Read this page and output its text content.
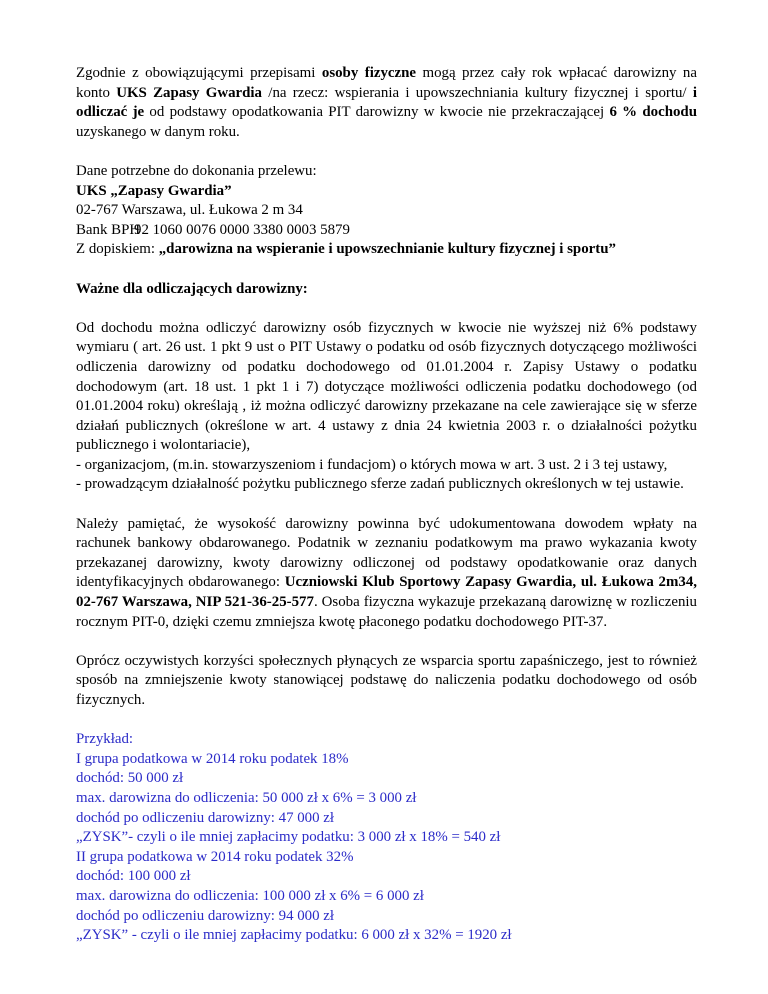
Zgodnie z obowiązującymi przepisami osoby fizyczne mogą przez cały rok wpłacać darowizny na konto UKS Zapasy Gwardia /na rzecz: wspierania i upowszechniania kultury fizycznej i sportu/ i odliczać je od podstawy opodatkowania PIT darowizny w kwocie nie przekraczającej 6 % dochodu uzyskanego w danym roku.

Dane potrzebne do dokonania przelewu:

UKS „Zapasy Gwardia”

02-767 Warszawa, ul. Łukowa 2 m 34

Bank BPH92 1060 0076 0000 3380 0003 5879

Z dopiskiem: „darowizna na wspieranie i upowszechnianie kultury fizycznej i sportu”

Ważne dla odliczających darowizny:

Od dochodu można odliczyć darowizny osób fizycznych w kwocie nie wyższej niż 6% podstawy wymiaru ( art. 26 ust. 1 pkt 9 ust o PIT Ustawy o podatku od osób fizycznych dotyczącego możliwości odliczenia darowizny od podatku dochodowego od 01.01.2004 r. Zapisy Ustawy o podatku dochodowym (art. 18 ust. 1 pkt 1 i 7) dotyczące możliwości odliczenia podatku dochodowego (od 01.01.2004 roku) określają , iż można odliczyć darowizny przekazane na cele zawierające się w sferze działań publicznych (określone w art. 4 ustawy z dnia 24 kwietnia 2003 r. o działalności pożytku publicznego i wolontariacie),

- organizacjom, (m.in. stowarzyszeniom i fundacjom) o których mowa w art. 3 ust. 2 i 3 tej ustawy,

- prowadzącym działalność pożytku publicznego sferze zadań publicznych określonych w tej ustawie.

Należy pamiętać, że wysokość darowizny powinna być udokumentowana dowodem wpłaty na rachunek bankowy obdarowanego. Podatnik w zeznaniu podatkowym ma prawo wykazania kwoty przekazanej darowizny, kwoty darowizny odliczonej od podstawy opodatkowanie oraz danych identyfikacyjnych obdarowanego: Uczniowski Klub Sportowy Zapasy Gwardia, ul. Łukowa 2m34, 02-767 Warszawa, NIP 521-36-25-577. Osoba fizyczna wykazuje przekazaną darowiznę w rozliczeniu rocznym PIT-0, dzięki czemu zmniejsza kwotę płaconego podatku dochodowego PIT-37.

Oprócz oczywistych korzyści społecznych płynących ze wsparcia sportu zapaśniczego, jest to również sposób na zmniejszenie kwoty stanowiącej podstawę do naliczenia podatku dochodowego od osób fizycznych.

Przykład:

I grupa podatkowa w 2014 roku podatek 18%

dochód: 50 000 zł

max. darowizna do odliczenia: 50 000 zł x 6% = 3 000 zł

dochód po odliczeniu darowizny: 47 000 zł

„ZYSK”- czyli o ile mniej zapłacimy podatku: 3 000 zł x 18% = 540 zł

II grupa podatkowa w 2014 roku podatek 32%

dochód: 100 000 zł

max. darowizna do odliczenia: 100 000 zł x 6% = 6 000 zł

dochód po odliczeniu darowizny: 94 000 zł

„ZYSK” - czyli o ile mniej zapłacimy podatku: 6 000 zł x 32% = 1920 zł
